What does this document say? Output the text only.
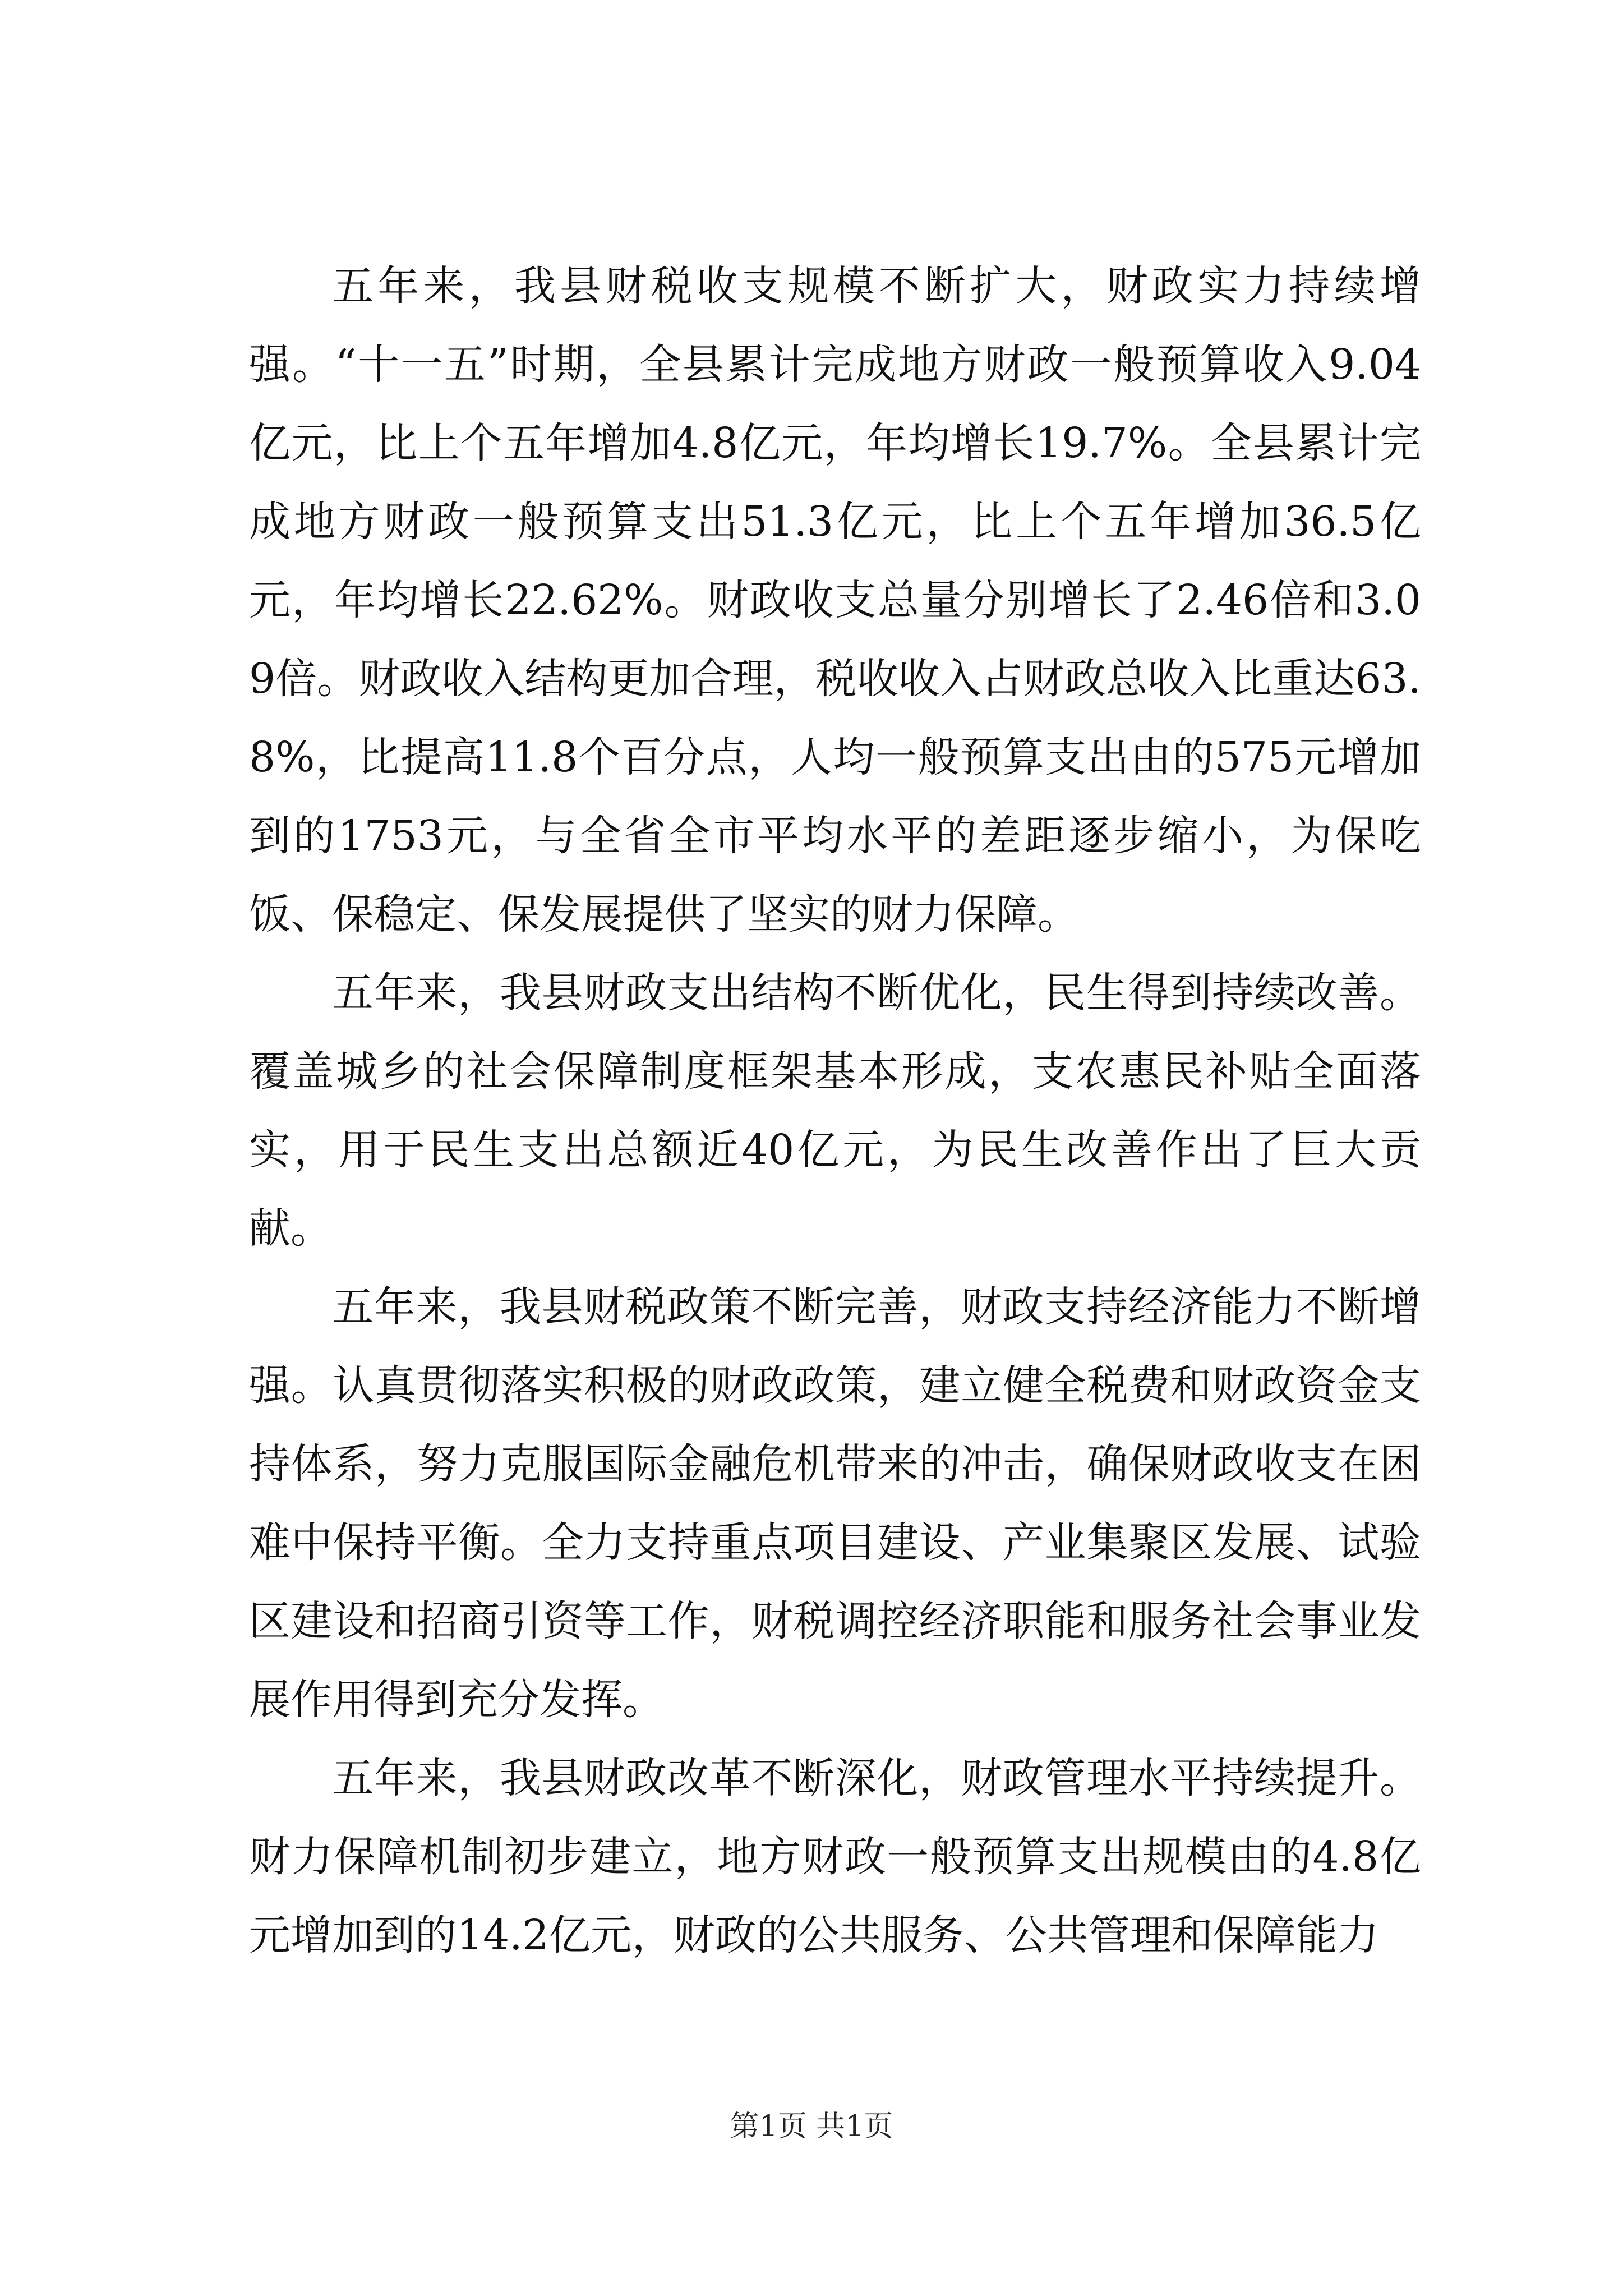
五年来，我县财税收支规模不断扩大，财政实力持续增强。“十一五”时期，全县累计完成地方财政一般预算收入9.04亿元，比上个五年增加4.8亿元，年均增长19.7%。全县累计完成地方财政一般预算支出51.3亿元，比上个五年增加36.5亿元，年均增长22.62%。财政收支总量分别增长了2.46倍和3.09倍。财政收入结构更加合理，税收收入占财政总收入比重达63.8%，比提高11.8个百分点，人均一般预算支出由的575元增加到的1753元，与全省全市平均水平的差距逐步缩小，为保吃饭、保稳定、保发展提供了坚实的财力保障。

五年来，我县财政支出结构不断优化，民生得到持续改善。覆盖城乡的社会保障制度框架基本形成，支农惠民补贴全面落实，用于民生支出总额近40亿元，为民生改善作出了巨大贡献。

五年来，我县财税政策不断完善，财政支持经济能力不断增强。认真贯彻落实积极的财政政策，建立健全税费和财政资金支持体系，努力克服国际金融危机带来的冲击，确保财政收支在困难中保持平衡。全力支持重点项目建设、产业集聚区发展、试验区建设和招商引资等工作，财税调控经济职能和服务社会事业发展作用得到充分发挥。

五年来，我县财政改革不断深化，财政管理水平持续提升。财力保障机制初步建立，地方财政一般预算支出规模由的4.8亿元增加到的14.2亿元，财政的公共服务、公共管理和保障能力

第1页 共1页
